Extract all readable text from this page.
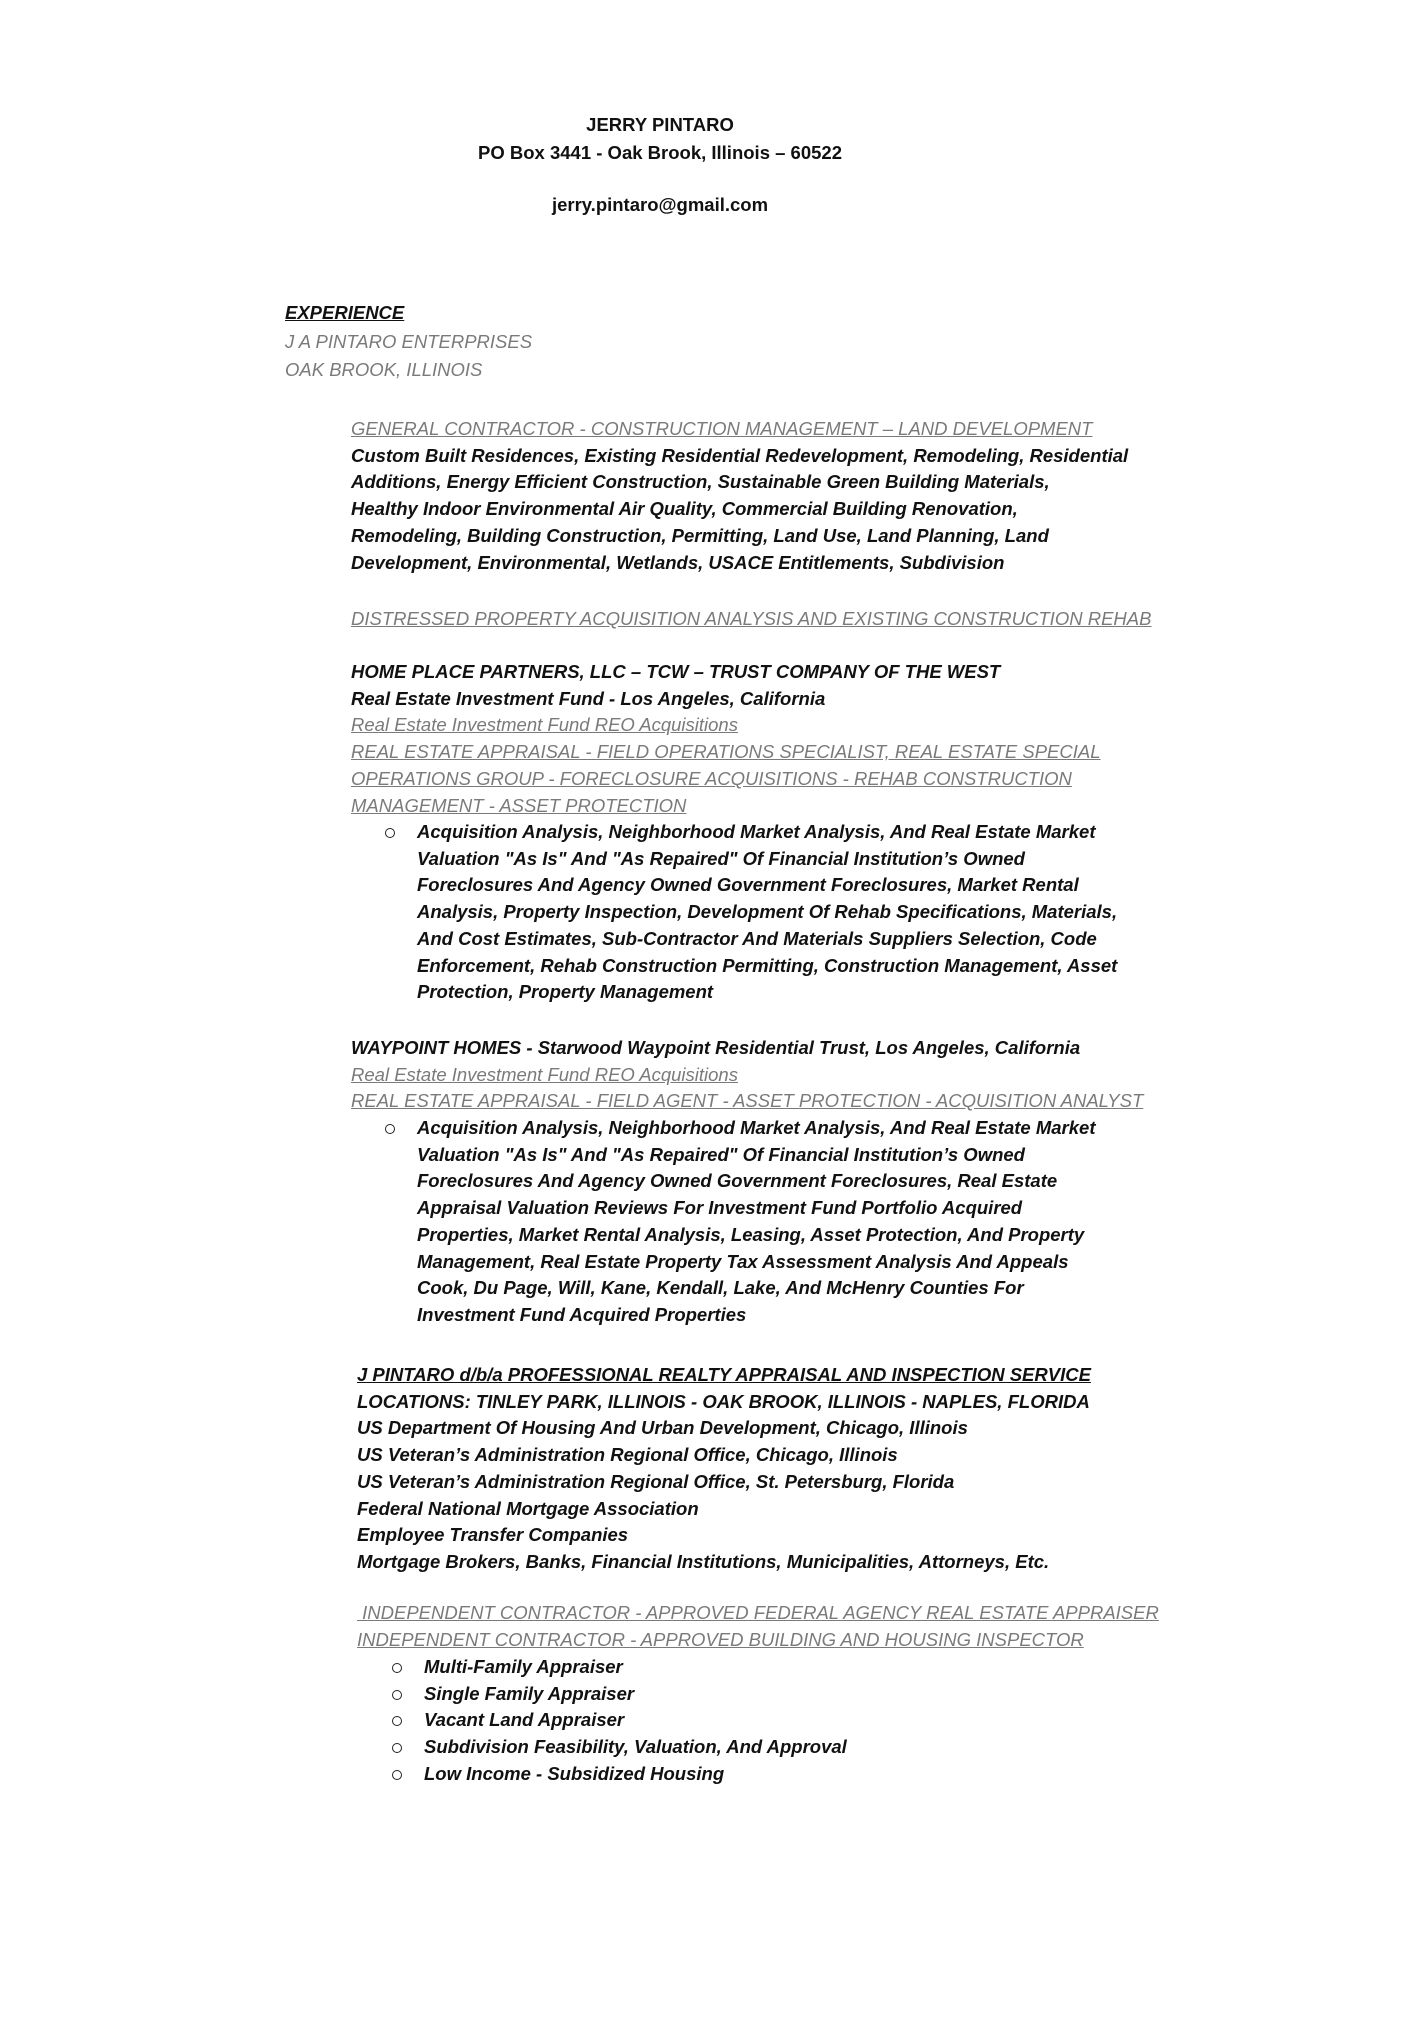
JERRY PINTARO
PO Box 3441 - Oak Brook, Illinois – 60522
jerry.pintaro@gmail.com
EXPERIENCE
J A PINTARO ENTERPRISES
OAK BROOK, ILLINOIS
GENERAL CONTRACTOR - CONSTRUCTION MANAGEMENT – LAND DEVELOPMENT
Custom Built Residences, Existing Residential Redevelopment, Remodeling, Residential
Additions, Energy Efficient Construction, Sustainable Green Building Materials,
Healthy Indoor Environmental Air Quality, Commercial Building Renovation,
Remodeling, Building Construction, Permitting, Land Use, Land Planning, Land
Development, Environmental, Wetlands, USACE Entitlements, Subdivision
DISTRESSED PROPERTY ACQUISITION ANALYSIS AND EXISTING CONSTRUCTION REHAB
HOME PLACE PARTNERS, LLC – TCW – TRUST COMPANY OF THE WEST
Real Estate Investment Fund - Los Angeles, California
Real Estate Investment Fund REO Acquisitions
REAL ESTATE APPRAISAL - FIELD OPERATIONS SPECIALIST, REAL ESTATE SPECIAL
OPERATIONS GROUP - FORECLOSURE ACQUISITIONS - REHAB CONSTRUCTION
MANAGEMENT - ASSET PROTECTION
Acquisition Analysis, Neighborhood Market Analysis, And Real Estate Market
Valuation "As Is" And "As Repaired" Of Financial Institution’s Owned
Foreclosures And Agency Owned Government Foreclosures, Market Rental
Analysis, Property Inspection, Development Of Rehab Specifications, Materials,
And Cost Estimates, Sub-Contractor And Materials Suppliers Selection, Code
Enforcement, Rehab Construction Permitting, Construction Management, Asset
Protection, Property Management
WAYPOINT HOMES - Starwood Waypoint Residential Trust, Los Angeles, California
Real Estate Investment Fund REO Acquisitions
REAL ESTATE APPRAISAL - FIELD AGENT - ASSET PROTECTION - ACQUISITION ANALYST
Acquisition Analysis, Neighborhood Market Analysis, And Real Estate Market
Valuation "As Is" And "As Repaired" Of Financial Institution’s Owned
Foreclosures And Agency Owned Government Foreclosures, Real Estate
Appraisal Valuation Reviews For Investment Fund Portfolio Acquired
Properties, Market Rental Analysis, Leasing, Asset Protection, And Property
Management, Real Estate Property Tax Assessment Analysis And Appeals
Cook, Du Page, Will, Kane, Kendall, Lake, And McHenry Counties For
Investment Fund Acquired Properties
J PINTARO d/b/a PROFESSIONAL REALTY APPRAISAL AND INSPECTION SERVICE
LOCATIONS: TINLEY PARK, ILLINOIS - OAK BROOK, ILLINOIS - NAPLES, FLORIDA
US Department Of Housing And Urban Development, Chicago, Illinois
US Veteran’s Administration Regional Office, Chicago, Illinois
US Veteran’s Administration Regional Office, St. Petersburg, Florida
Federal National Mortgage Association
Employee Transfer Companies
Mortgage Brokers, Banks, Financial Institutions, Municipalities, Attorneys, Etc.
INDEPENDENT CONTRACTOR - APPROVED FEDERAL AGENCY REAL ESTATE APPRAISER
INDEPENDENT CONTRACTOR - APPROVED BUILDING AND HOUSING INSPECTOR
Multi-Family Appraiser
Single Family Appraiser
Vacant Land Appraiser
Subdivision Feasibility, Valuation, And Approval
Low Income - Subsidized Housing
